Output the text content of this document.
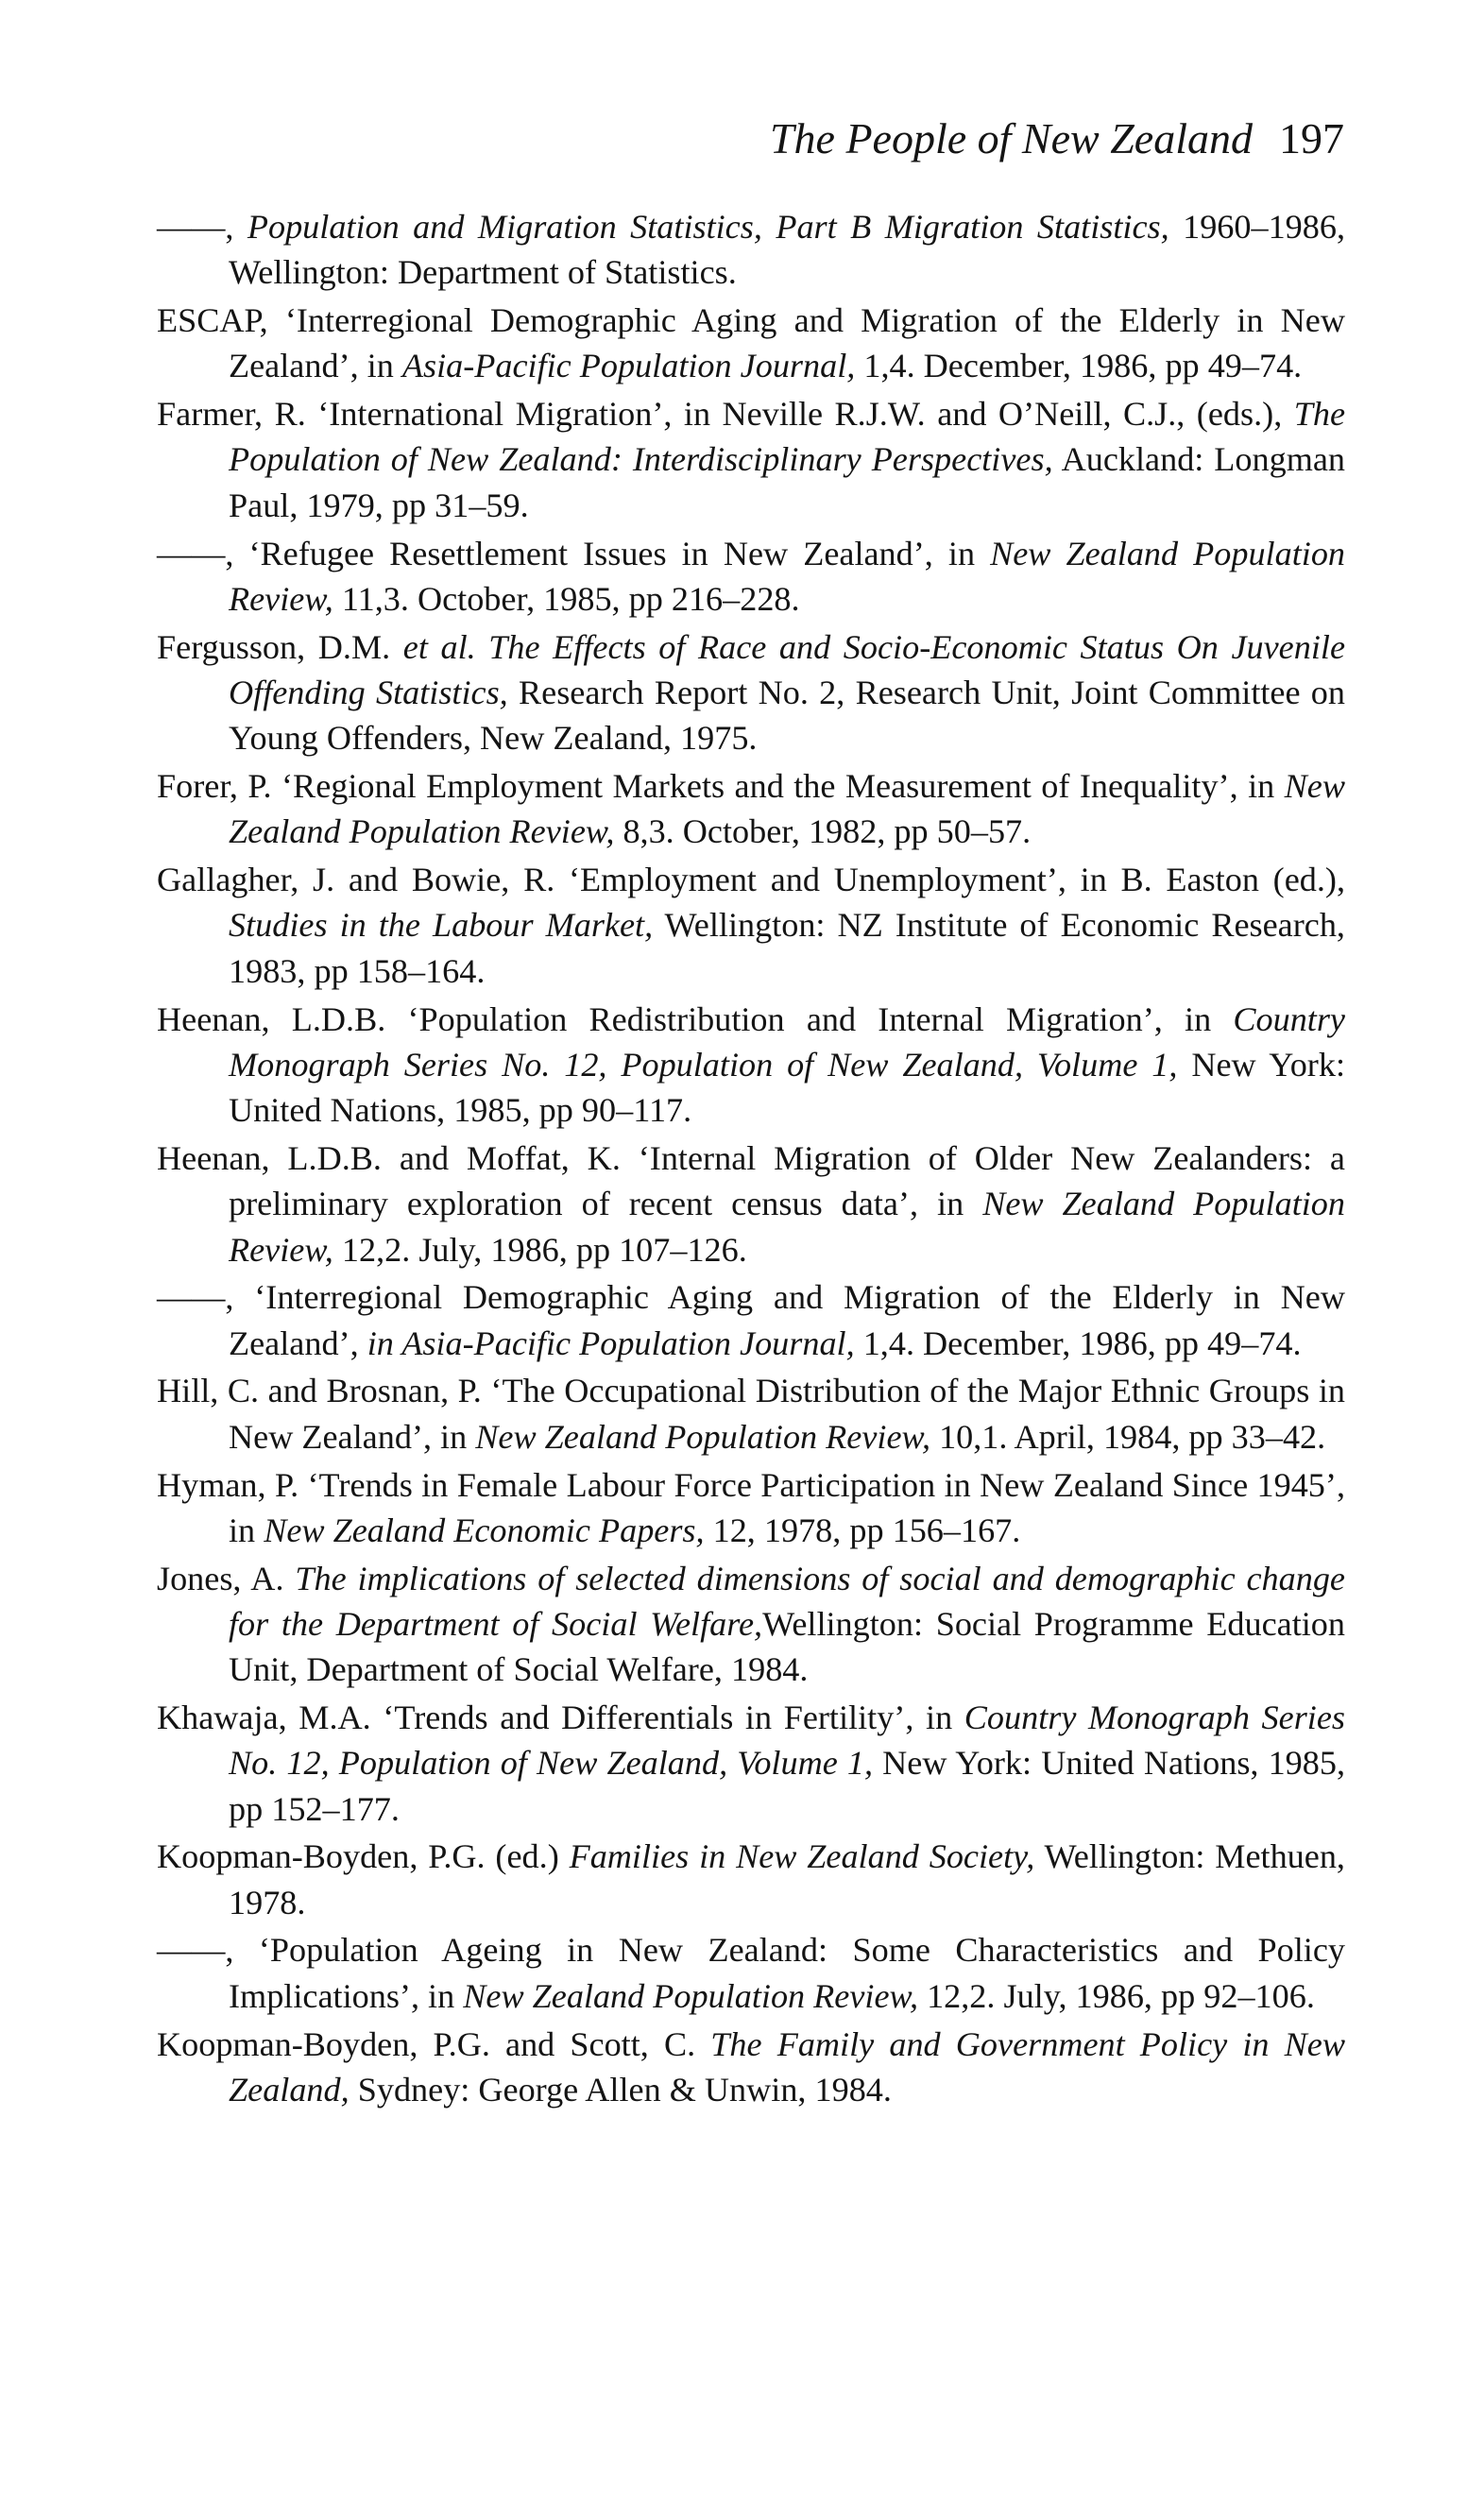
The People of New Zealand 197

——, Population and Migration Statistics, Part B Migration Statistics, 1960–1986, Wellington: Department of Statistics.

ESCAP, ‘Interregional Demographic Aging and Migration of the Elderly in New Zealand’, in Asia-Pacific Population Journal, 1,4. December, 1986, pp 49–74.

Farmer, R. ‘International Migration’, in Neville R.J.W. and O’Neill, C.J., (eds.), The Population of New Zealand: Interdisciplinary Perspectives, Auckland: Longman Paul, 1979, pp 31–59.

——, ‘Refugee Resettlement Issues in New Zealand’, in New Zealand Population Review, 11,3. October, 1985, pp 216–228.

Fergusson, D.M. et al. The Effects of Race and Socio-Economic Status On Juvenile Offending Statistics, Research Report No. 2, Research Unit, Joint Committee on Young Offenders, New Zealand, 1975.

Forer, P. ‘Regional Employment Markets and the Measurement of Inequality’, in New Zealand Population Review, 8,3. October, 1982, pp 50–57.

Gallagher, J. and Bowie, R. ‘Employment and Unemployment’, in B. Easton (ed.), Studies in the Labour Market, Wellington: NZ Institute of Economic Research, 1983, pp 158–164.

Heenan, L.D.B. ‘Population Redistribution and Internal Migration’, in Country Monograph Series No. 12, Population of New Zealand, Volume 1, New York: United Nations, 1985, pp 90–117.

Heenan, L.D.B. and Moffat, K. ‘Internal Migration of Older New Zealanders: a preliminary exploration of recent census data’, in New Zealand Population Review, 12,2. July, 1986, pp 107–126.

——, ‘Interregional Demographic Aging and Migration of the Elderly in New Zealand’, in Asia-Pacific Population Journal, 1,4. December, 1986, pp 49–74.

Hill, C. and Brosnan, P. ‘The Occupational Distribution of the Major Ethnic Groups in New Zealand’, in New Zealand Population Review, 10,1. April, 1984, pp 33–42.

Hyman, P. ‘Trends in Female Labour Force Participation in New Zealand Since 1945’, in New Zealand Economic Papers, 12, 1978, pp 156–167.

Jones, A. The implications of selected dimensions of social and demographic change for the Department of Social Welfare,Wellington: Social Programme Education Unit, Department of Social Welfare, 1984.

Khawaja, M.A. ‘Trends and Differentials in Fertility’, in Country Monograph Series No. 12, Population of New Zealand, Volume 1, New York: United Nations, 1985, pp 152–177.

Koopman-Boyden, P.G. (ed.) Families in New Zealand Society, Wellington: Methuen, 1978.

——, ‘Population Ageing in New Zealand: Some Characteristics and Policy Implications’, in New Zealand Population Review, 12,2. July, 1986, pp 92–106.

Koopman-Boyden, P.G. and Scott, C. The Family and Government Policy in New Zealand, Sydney: George Allen & Unwin, 1984.
